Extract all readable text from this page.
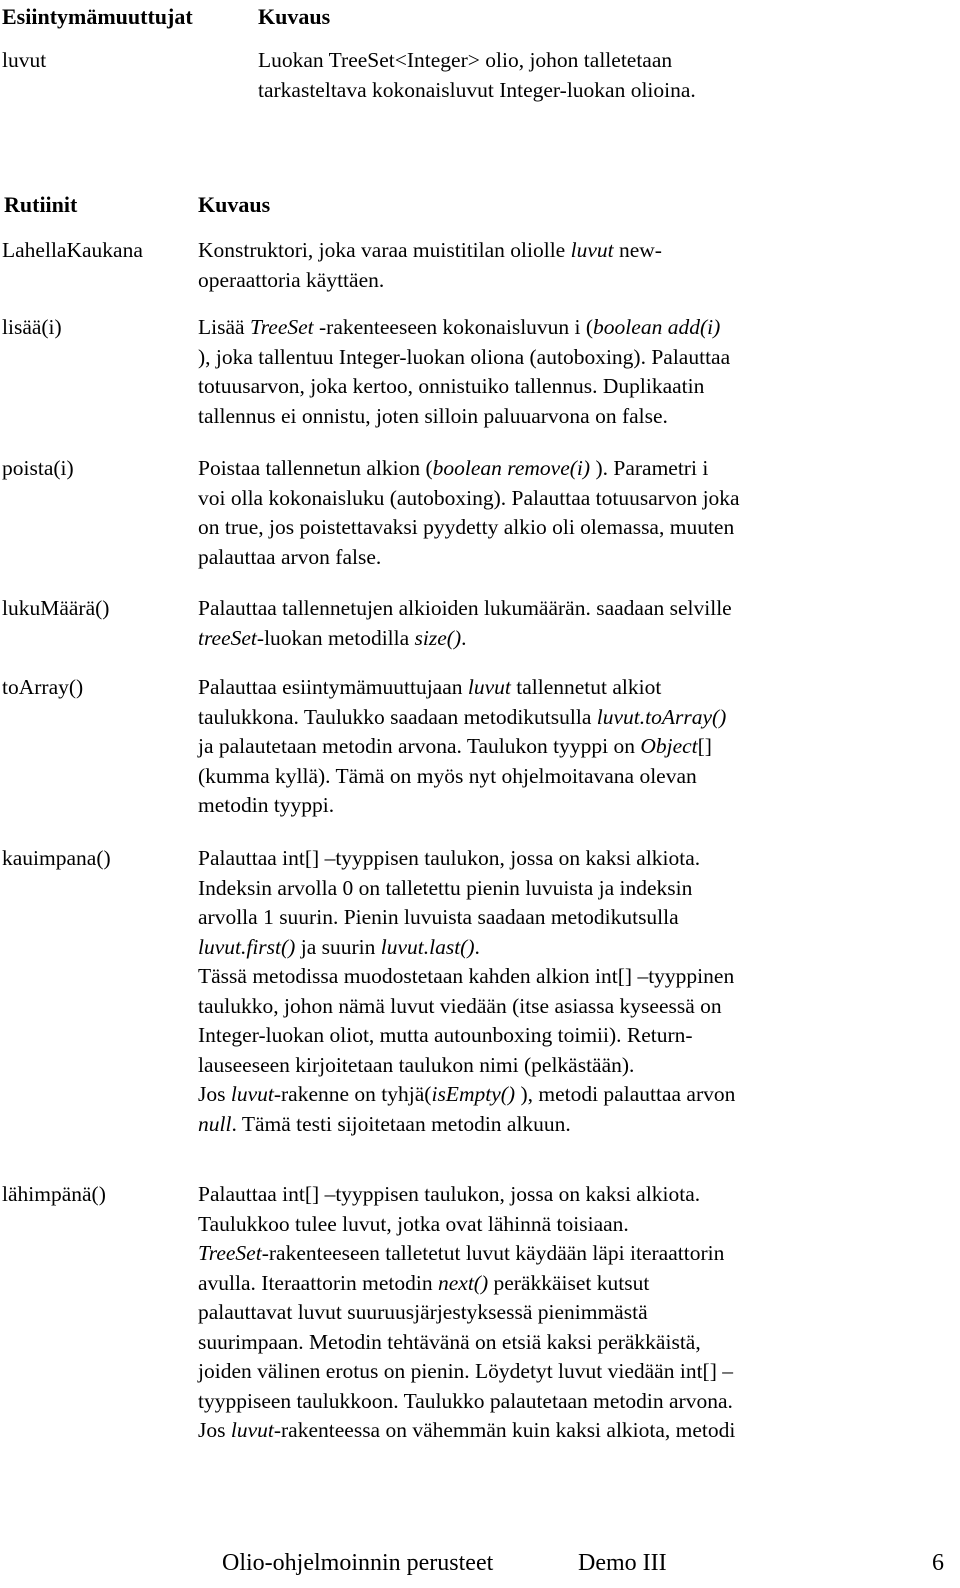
Esiintymämuuttujat	Kuvaus
luvut	Luokan TreeSet<Integer> olio, johon talletetaan
tarkasteltava kokonaisluvut Integer-luokan olioina.
Rutiinit	Kuvaus
LahellaKaukana	Konstruktori, joka varaa muistitilan oliolle luvut new-
operaattoria käyttäen.
lisää(i)	Lisää TreeSet -rakenteeseen kokonaisluvun i (boolean add(i)
), joka tallentuu Integer-luokan oliona (autoboxing). Palauttaa
totuusarvon, joka kertoo, onnistuiko tallennus. Duplikaatin
tallennus ei onnistu, joten silloin paluuarvona on false.
poista(i)	Poistaa tallennetun alkion (boolean remove(i) ). Parametri i
voi olla kokonaisluku (autoboxing). Palauttaa totuusarvon joka
on true, jos poistettavaksi pyydetty alkio oli olemassa, muuten
palauttaa arvon false.
lukuMäärä()	Palauttaa tallennetujen alkioiden lukumäärän. saadaan selville
treeSet-luokan metodilla size().
toArray()	Palauttaa esiintymämuuttujaan luvut tallennetut alkiot
taulukkona. Taulukko saadaan metodikutsulla luvut.toArray()
ja palautetaan metodin arvona. Taulukon tyyppi on Object[]
(kumma kyllä). Tämä on myös nyt ohjelmoitavana olevan
metodin tyyppi.
kauimpana()	Palauttaa int[] –tyyppisen taulukon, jossa on kaksi alkiota.
Indeksin arvolla 0 on talletettu pienin luvuista ja indeksin
arvolla 1 suurin. Pienin luvuista saadaan metodikutsulla
luvut.first() ja suurin luvut.last().
Tässä metodissa muodostetaan kahden alkion int[] –tyyppinen
taulukko, johon nämä luvut viedään (itse asiassa kyseessä on
Integer-luokan oliot, mutta autounboxing toimii). Return-
lauseeseen kirjoitetaan taulukon nimi (pelkästään).
Jos luvut-rakenne on tyhjä(isEmpty() ), metodi palauttaa arvon
null. Tämä testi sijoitetaan metodin alkuun.
lähimpänä()	Palauttaa int[] –tyyppisen taulukon, jossa on kaksi alkiota.
Taulukkoo tulee luvut, jotka ovat lähinnä toisiaan.
TreeSet-rakenteeseen talletetut luvut käydään läpi iteraattorin
avulla. Iteraattorin metodin next() peräkkäiset kutsut
palauttavat luvut suuruusjärjestyksessä pienimmästä
suurimpaan. Metodin tehtävänä on etsiä kaksi peräkkäistä,
joiden välinen erotus on pienin. Löydetyt luvut viedään int[] –
tyyppiseen taulukkoon. Taulukko palautetaan metodin arvona.
Jos luvut-rakenteessa on vähemmän kuin kaksi alkiota, metodi
Olio-ohjelmoinnin perusteet	Demo III	6
